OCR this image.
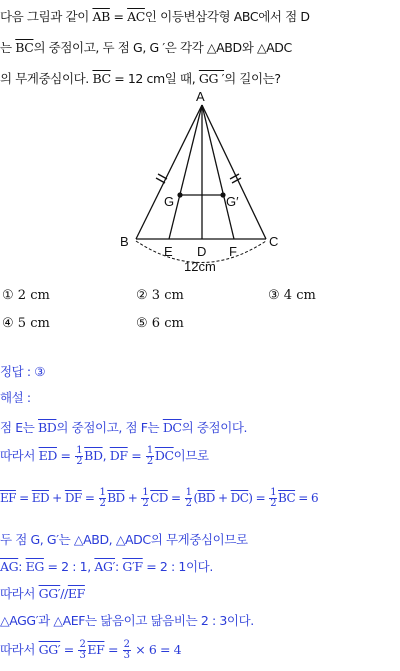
다음 그림과 같이 $\overline{AB} = \overline{AC}$인 이등변삼각형 ABC에서 점 D
는 $\overline{BC}$의 중점이고, 두 점 G, G ′은 각각 △ABD와 △ADC
의 무게중심이다. $\overline{BC} = 12$ cm일 때, GG ′의 길이는?
A
B	C
E D F
G	G′
12cm
① 2 cm	② 3 cm	③ 4 cm
④ 5 cm	⑤ 6 cm
정답 : ③
해설 :
점 E는 $\overline{BD}$의 중점이고, 점 F는 $\overline{DC}$의 중점이다.
따라서 $\overline{ED} = \frac{1}{2} \overline{BD}$, $\overline{DF} = \frac{1}{2} \overline{DC}$이므로
$\overline{EF} = \overline{ED} + \overline{DF} = \frac{1}{2} \overline{BD} + \frac{1}{2} \overline{CD} = \frac{1}{2} (\overline{BD} + \overline{DC}) = \frac{1}{2} \overline{BC} = 6$
두 점 G, G′는 △ABD, △ADC의 무게중심이므로
$\overline{AG}$: $\overline{EG} = 2$ : 1, AG′: G′F = 2 : 1이다.
따라서 $GG'//\overline{EF}$
△AGG′과 △AEF는 닮음이고 닮음비는 2 : 3이다.
따라서 $GG' = \frac{2}{3} \overline{EF} = \frac{2}{3} \times 6 = 4$
